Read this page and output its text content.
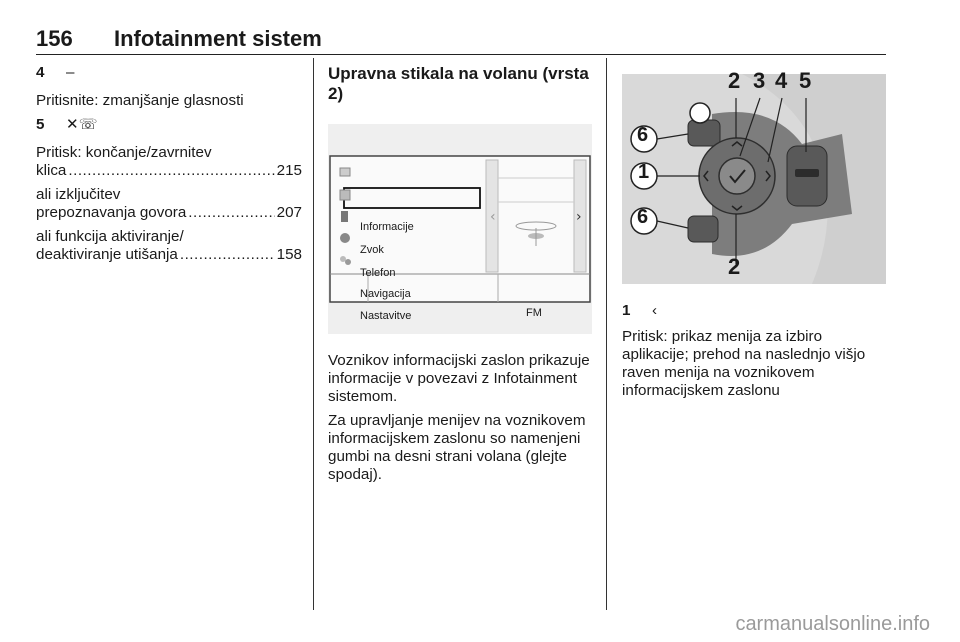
156 Infotainment sistem
4 –
Pritisnite: zmanjšanje glasnosti
5 ✕☏
Pritisk: končanje/zavrnitev
klica .....	215
ali izključitev
prepoznavanja govora .....	207
ali funkcija aktiviranje/
deaktiviranje utišanja .....	158
Upravna stikala na volanu (vrsta 2)
‹	›
Informacije
Zvok
Telefon
Navigacija
Nastavitve	FM
Voznikov informacijski zaslon prikazuje informacije v povezavi z Infotainment sistemom.
Za upravljanje menijev na voznikovem informacijskem zaslonu so namenjeni gumbi na desni strani volana (glejte spodaj).
2 3 4 5
6
1
6
2
1 ‹
Pritisk: prikaz menija za izbiro aplikacije; prehod na naslednjo višjo raven menija na voznikovem informacijskem zaslonu
carmanualsonline.info
